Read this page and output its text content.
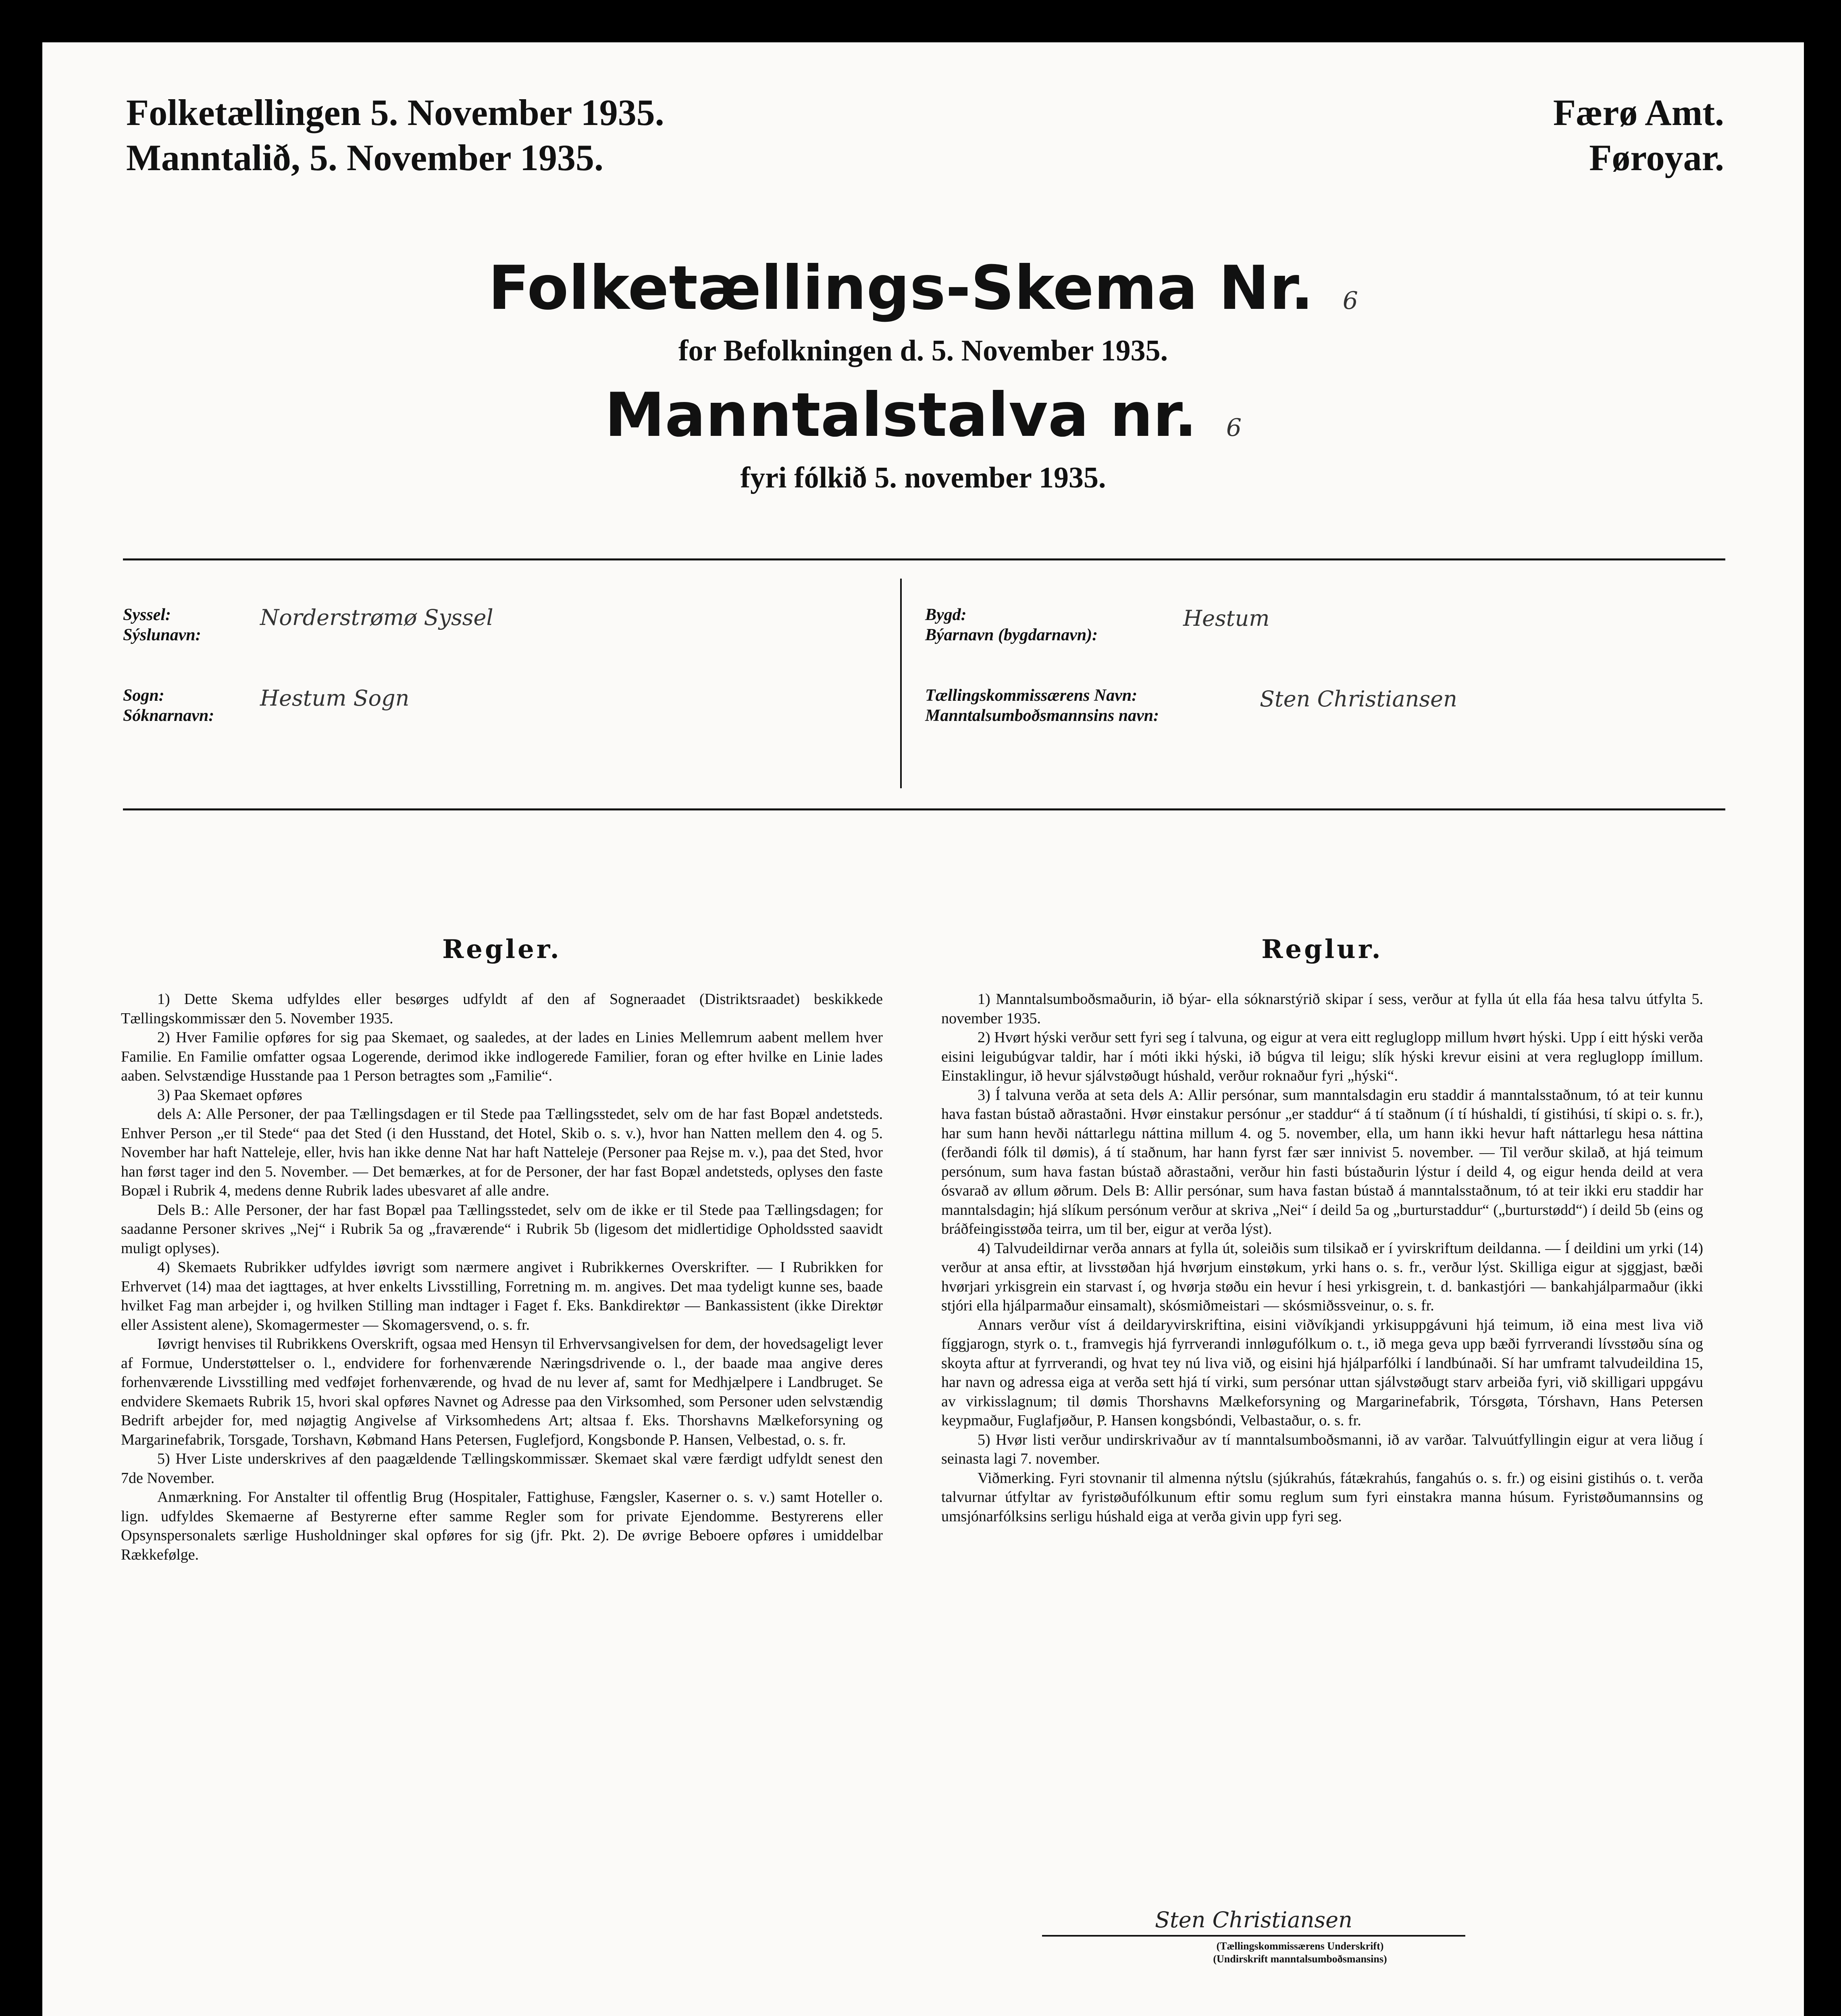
Folketællingen 5. November 1935.
Manntalið, 5. November 1935.
Færø Amt.
Føroyar.
Folketællings-Skema Nr. 6
for Befolkningen d. 5. November 1935.
Manntalstalva nr. 6
fyri fólkið 5. november 1935.
Syssel:
Sýslunavn:
Norderstrømø Syssel
Sogn:
Sóknarnavn:
Hestum Sogn
Bygd:
Býarnavn (bygdarnavn):
Hestum
Tællingskommissærens Navn:
Manntalsumboðsmannsins navn:
Sten Christiansen
Regler.

1) Dette Skema udfyldes eller besørges udfyldt af den af Sogneraadet (Distriktsraadet) beskikkede Tællingskommissær den 5. November 1935.

2) Hver Familie opføres for sig paa Skemaet, og saaledes, at der lades en Linies Mellemrum aabent mellem hver Familie. En Familie omfatter ogsaa Logerende, derimod ikke indlogerede Familier, foran og efter hvilke en Linie lades aaben. Selvstændige Husstande paa 1 Person betragtes som „Familie“.

3) Paa Skemaet opføres

dels A: Alle Personer, der paa Tællingsdagen er til Stede paa Tællingsstedet, selv om de har fast Bopæl andetsteds. Enhver Person „er til Stede“ paa det Sted (i den Husstand, det Hotel, Skib o. s. v.), hvor han Natten mellem den 4. og 5. November har haft Natteleje, eller, hvis han ikke denne Nat har haft Natteleje (Personer paa Rejse m. v.), paa det Sted, hvor han først tager ind den 5. November. — Det bemærkes, at for de Personer, der har fast Bopæl andetsteds, oplyses den faste Bopæl i Rubrik 4, medens denne Rubrik lades ubesvaret af alle andre.

Dels B.: Alle Personer, der har fast Bopæl paa Tællingsstedet, selv om de ikke er til Stede paa Tællingsdagen; for saadanne Personer skrives „Nej“ i Rubrik 5a og „fraværende“ i Rubrik 5b (ligesom det midlertidige Opholdssted saavidt muligt oplyses).

4) Skemaets Rubrikker udfyldes iøvrigt som nærmere angivet i Rubrikkernes Overskrifter. — I Rubrikken for Erhvervet (14) maa det iagttages, at hver enkelts Livsstilling, Forretning m. m. angives. Det maa tydeligt kunne ses, baade hvilket Fag man arbejder i, og hvilken Stilling man indtager i Faget f. Eks. Bankdirektør — Bankassistent (ikke Direktør eller Assistent alene), Skomagermester — Skomagersvend, o. s. fr.

Iøvrigt henvises til Rubrikkens Overskrift, ogsaa med Hensyn til Erhvervsangivelsen for dem, der hovedsageligt lever af Formue, Understøttelser o. l., endvidere for forhenværende Næringsdrivende o. l., der baade maa angive deres forhenværende Livsstilling med vedføjet forhenværende, og hvad de nu lever af, samt for Medhjælpere i Landbruget. Se endvidere Skemaets Rubrik 15, hvori skal opføres Navnet og Adresse paa den Virksomhed, som Personer uden selvstændig Bedrift arbejder for, med nøjagtig Angivelse af Virksomhedens Art; altsaa f. Eks. Thorshavns Mælkeforsyning og Margarinefabrik, Torsgade, Torshavn, Købmand Hans Petersen, Fuglefjord, Kongsbonde P. Hansen, Velbestad, o. s. fr.

5) Hver Liste underskrives af den paagældende Tællingskommissær. Skemaet skal være færdigt udfyldt senest den 7de November.

Anmærkning. For Anstalter til offentlig Brug (Hospitaler, Fattighuse, Fængsler, Kaserner o. s. v.) samt Hoteller o. lign. udfyldes Skemaerne af Bestyrerne efter samme Regler som for private Ejendomme. Bestyrerens eller Opsynspersonalets særlige Husholdninger skal opføres for sig (jfr. Pkt. 2). De øvrige Beboere opføres i umiddelbar Rækkefølge.

Reglur.

1) Manntalsumboðsmaðurin, ið býar- ella sóknarstýrið skipar í sess, verður at fylla út ella fáa hesa talvu útfylta 5. november 1935.

2) Hvørt hýski verður sett fyri seg í talvuna, og eigur at vera eitt regluglopp millum hvørt hýski. Upp í eitt hýski verða eisini leigubúgvar taldir, har í móti ikki hýski, ið búgva til leigu; slík hýski krevur eisini at vera regluglopp ímillum. Einstaklingur, ið hevur sjálvstøðugt húshald, verður roknaður fyri „hýski“.

3) Í talvuna verða at seta dels A: Allir persónar, sum manntalsdagin eru staddir á manntalsstaðnum, tó at teir kunnu hava fastan bústað aðrastaðni. Hvør einstakur persónur „er staddur“ á tí staðnum (í tí húshaldi, tí gistihúsi, tí skipi o. s. fr.), har sum hann hevði náttarlegu náttina millum 4. og 5. november, ella, um hann ikki hevur haft náttarlegu hesa náttina (ferðandi fólk til dømis), á tí staðnum, har hann fyrst fær sær innivist 5. november. — Til verður skilað, at hjá teimum persónum, sum hava fastan bústað aðrastaðni, verður hin fasti bústaðurin lýstur í deild 4, og eigur henda deild at vera ósvarað av øllum øðrum. Dels B: Allir persónar, sum hava fastan bústað á manntalsstaðnum, tó at teir ikki eru staddir har manntalsdagin; hjá slíkum persónum verður at skriva „Nei“ í deild 5a og „burturstaddur“ („burturstødd“) í deild 5b (eins og bráðfeingisstøða teirra, um til ber, eigur at verða lýst).

4) Talvudeildirnar verða annars at fylla út, soleiðis sum tilsikað er í yvirskriftum deildanna. — Í deildini um yrki (14) verður at ansa eftir, at livsstøðan hjá hvørjum einstøkum, yrki hans o. s. fr., verður lýst. Skilliga eigur at sjggjast, bæði hvørjari yrkisgrein ein starvast í, og hvørja støðu ein hevur í hesi yrkisgrein, t. d. bankastjóri — bankahjálparmaður (ikki stjóri ella hjálparmaður einsamalt), skósmiðmeistari — skósmiðssveinur, o. s. fr.

Annars verður víst á deildaryvirskriftina, eisini viðvíkjandi yrkisuppgávuni hjá teimum, ið eina mest liva við fíggjarogn, styrk o. t., framvegis hjá fyrrverandi innløgufólkum o. t., ið mega geva upp bæði fyrrverandi lívsstøðu sína og skoyta aftur at fyrrverandi, og hvat tey nú liva við, og eisini hjá hjálparfólki í landbúnaði. Sí har umframt talvudeildina 15, har navn og adressa eiga at verða sett hjá tí virki, sum persónar uttan sjálvstøðugt starv arbeiða fyri, við skilligari uppgávu av virkisslagnum; til dømis Thorshavns Mælkeforsyning og Margarinefabrik, Tórsgøta, Tórshavn, Hans Petersen keypmaður, Fuglafjøður, P. Hansen kongsbóndi, Velbastaður, o. s. fr.

5) Hvør listi verður undirskrivaður av tí manntalsumboðsmanni, ið av varðar. Talvuútfyllingin eigur at vera liðug í seinasta lagi 7. november.

Viðmerking. Fyri stovnanir til almenna nýtslu (sjúkrahús, fátækrahús, fangahús o. s. fr.) og eisini gistihús o. t. verða talvurnar útfyltar av fyristøðufólkunum eftir somu reglum sum fyri einstakra manna húsum. Fyristøðumannsins og umsjónarfólksins serligu húshald eiga at verða givin upp fyri seg.

Sten Christiansen
(Tællingskommissærens Underskrift)
(Undirskrift manntalsumboðsmansins)
